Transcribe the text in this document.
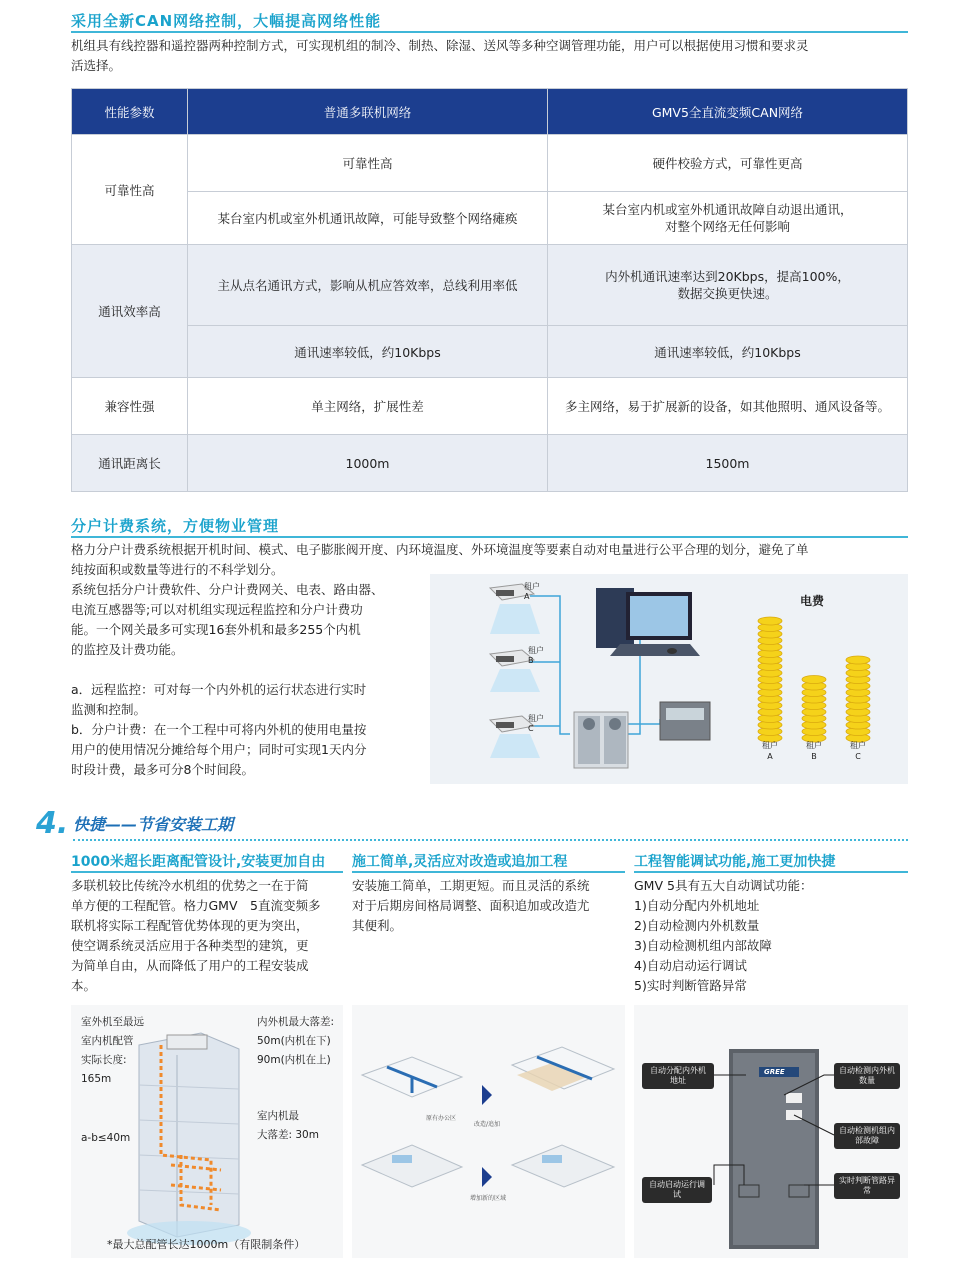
采用全新CAN网络控制，大幅提高网络性能
机组具有线控器和遥控器两种控制方式，可实现机组的制冷、制热、除湿、送风等多种空调管理功能，用户可以根据使用习惯和要求灵
活选择。
性能参数	普通多联机网络	GMV5全直流变频CAN网络
可靠性高	可靠性高	硬件校验方式，可靠性更高
	某台室内机或室外机通讯故障，可能导致整个网络瘫痪	某台室内机或室外机通讯故障自动退出通讯，
对整个网络无任何影响

通讯效率高	主从点名通讯方式，影响从机应答效率，总线利用率低	内外机通讯速率达到20Kbps，提高100%，
数据交换更快速。

	通讯速率较低，约10Kbps	通讯速率较低，约10Kbps
兼容性强	单主网络，扩展性差	多主网络，易于扩展新的设备，如其他照明、通风设备等。
通讯距离长	1000m	1500m
分户计费系统，方便物业管理
格力分户计费系统根据开机时间、模式、电子膨胀阀开度、内环境温度、外环境温度等要素自动对电量进行公平合理的划分，避免了单
纯按面积或数量等进行的不科学划分。
系统包括分户计费软件、分户计费网关、电表、路由器、
电流互感器等;可以对机组实现远程监控和分户计费功
能。一个网关最多可实现16套外机和最多255个内机
的监控及计费功能。
a．远程监控：可对每一个内外机的运行状态进行实时
监测和控制。
b．分户计费：在一个工程中可将内外机的使用电量按
用户的使用情况分摊给每个用户；同时可实现1天内分
时段计费，最多可分8个时间段。
租户
A
租户
B
租户
C
电费
租户
A
租户
B
租户
C
4. 快捷——节省安装工期
1000米超长距离配管设计,安装更加自由
多联机较比传统冷水机组的优势之一在于简
单方便的工程配管。格力GMV　5直流变频多
联机将实际工程配管优势体现的更为突出，
使空调系统灵活应用于各种类型的建筑，更
为简单自由，从而降低了用户的工程安装成
本。
施工简单,灵活应对改造或追加工程
安装施工简单，工期更短。而且灵活的系统
对于后期房间格局调整、面积追加或改造尤
其便利。
工程智能调试功能,施工更加快捷
GMV 5具有五大自动调试功能：
1)自动分配内外机地址
2)自动检测内外机数量
3)自动检测机组内部故障
4)自动启动运行调试
5)实时判断管路异常
室外机至最远
室内机配管
实际长度:
165m
a-b≤40m
内外机最大落差:
50m(内机在下)
90m(内机在上)
室内机最
大落差: 30m
*最大总配管长达1000m（有限制条件）
原有办公区
改造/追加
增加新的区域
GREE
自动分配内外机地址
自动检测内外机数量
自动检测机组内部故障
自动启动运行调试
实时判断管路异常
